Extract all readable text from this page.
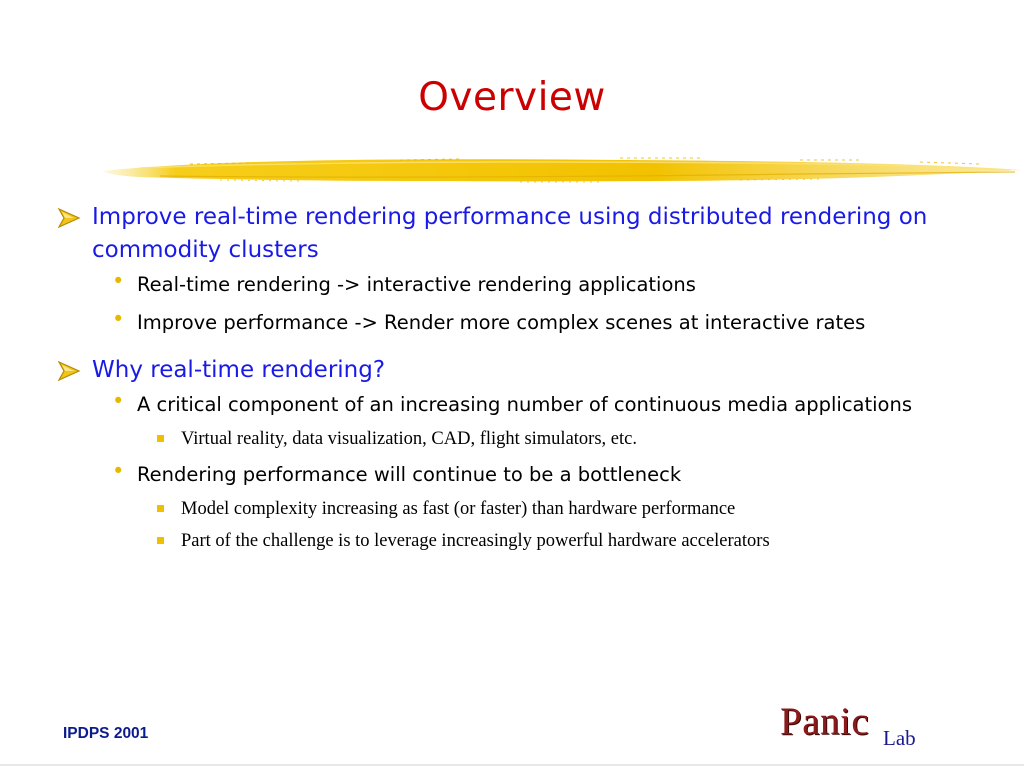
Overview
Improve real-time rendering performance using distributed rendering on commodity clusters
• Real-time rendering -> interactive rendering applications
• Improve performance -> Render more complex scenes at interactive rates
Why real-time rendering?
• A critical component of an increasing number of continuous media applications
Virtual reality, data visualization, CAD, flight simulators, etc.
• Rendering performance will continue to be a bottleneck
Model complexity increasing as fast (or faster) than hardware performance
Part of the challenge is to leverage increasingly powerful hardware accelerators
IPDPS 2001	Panic Lab
